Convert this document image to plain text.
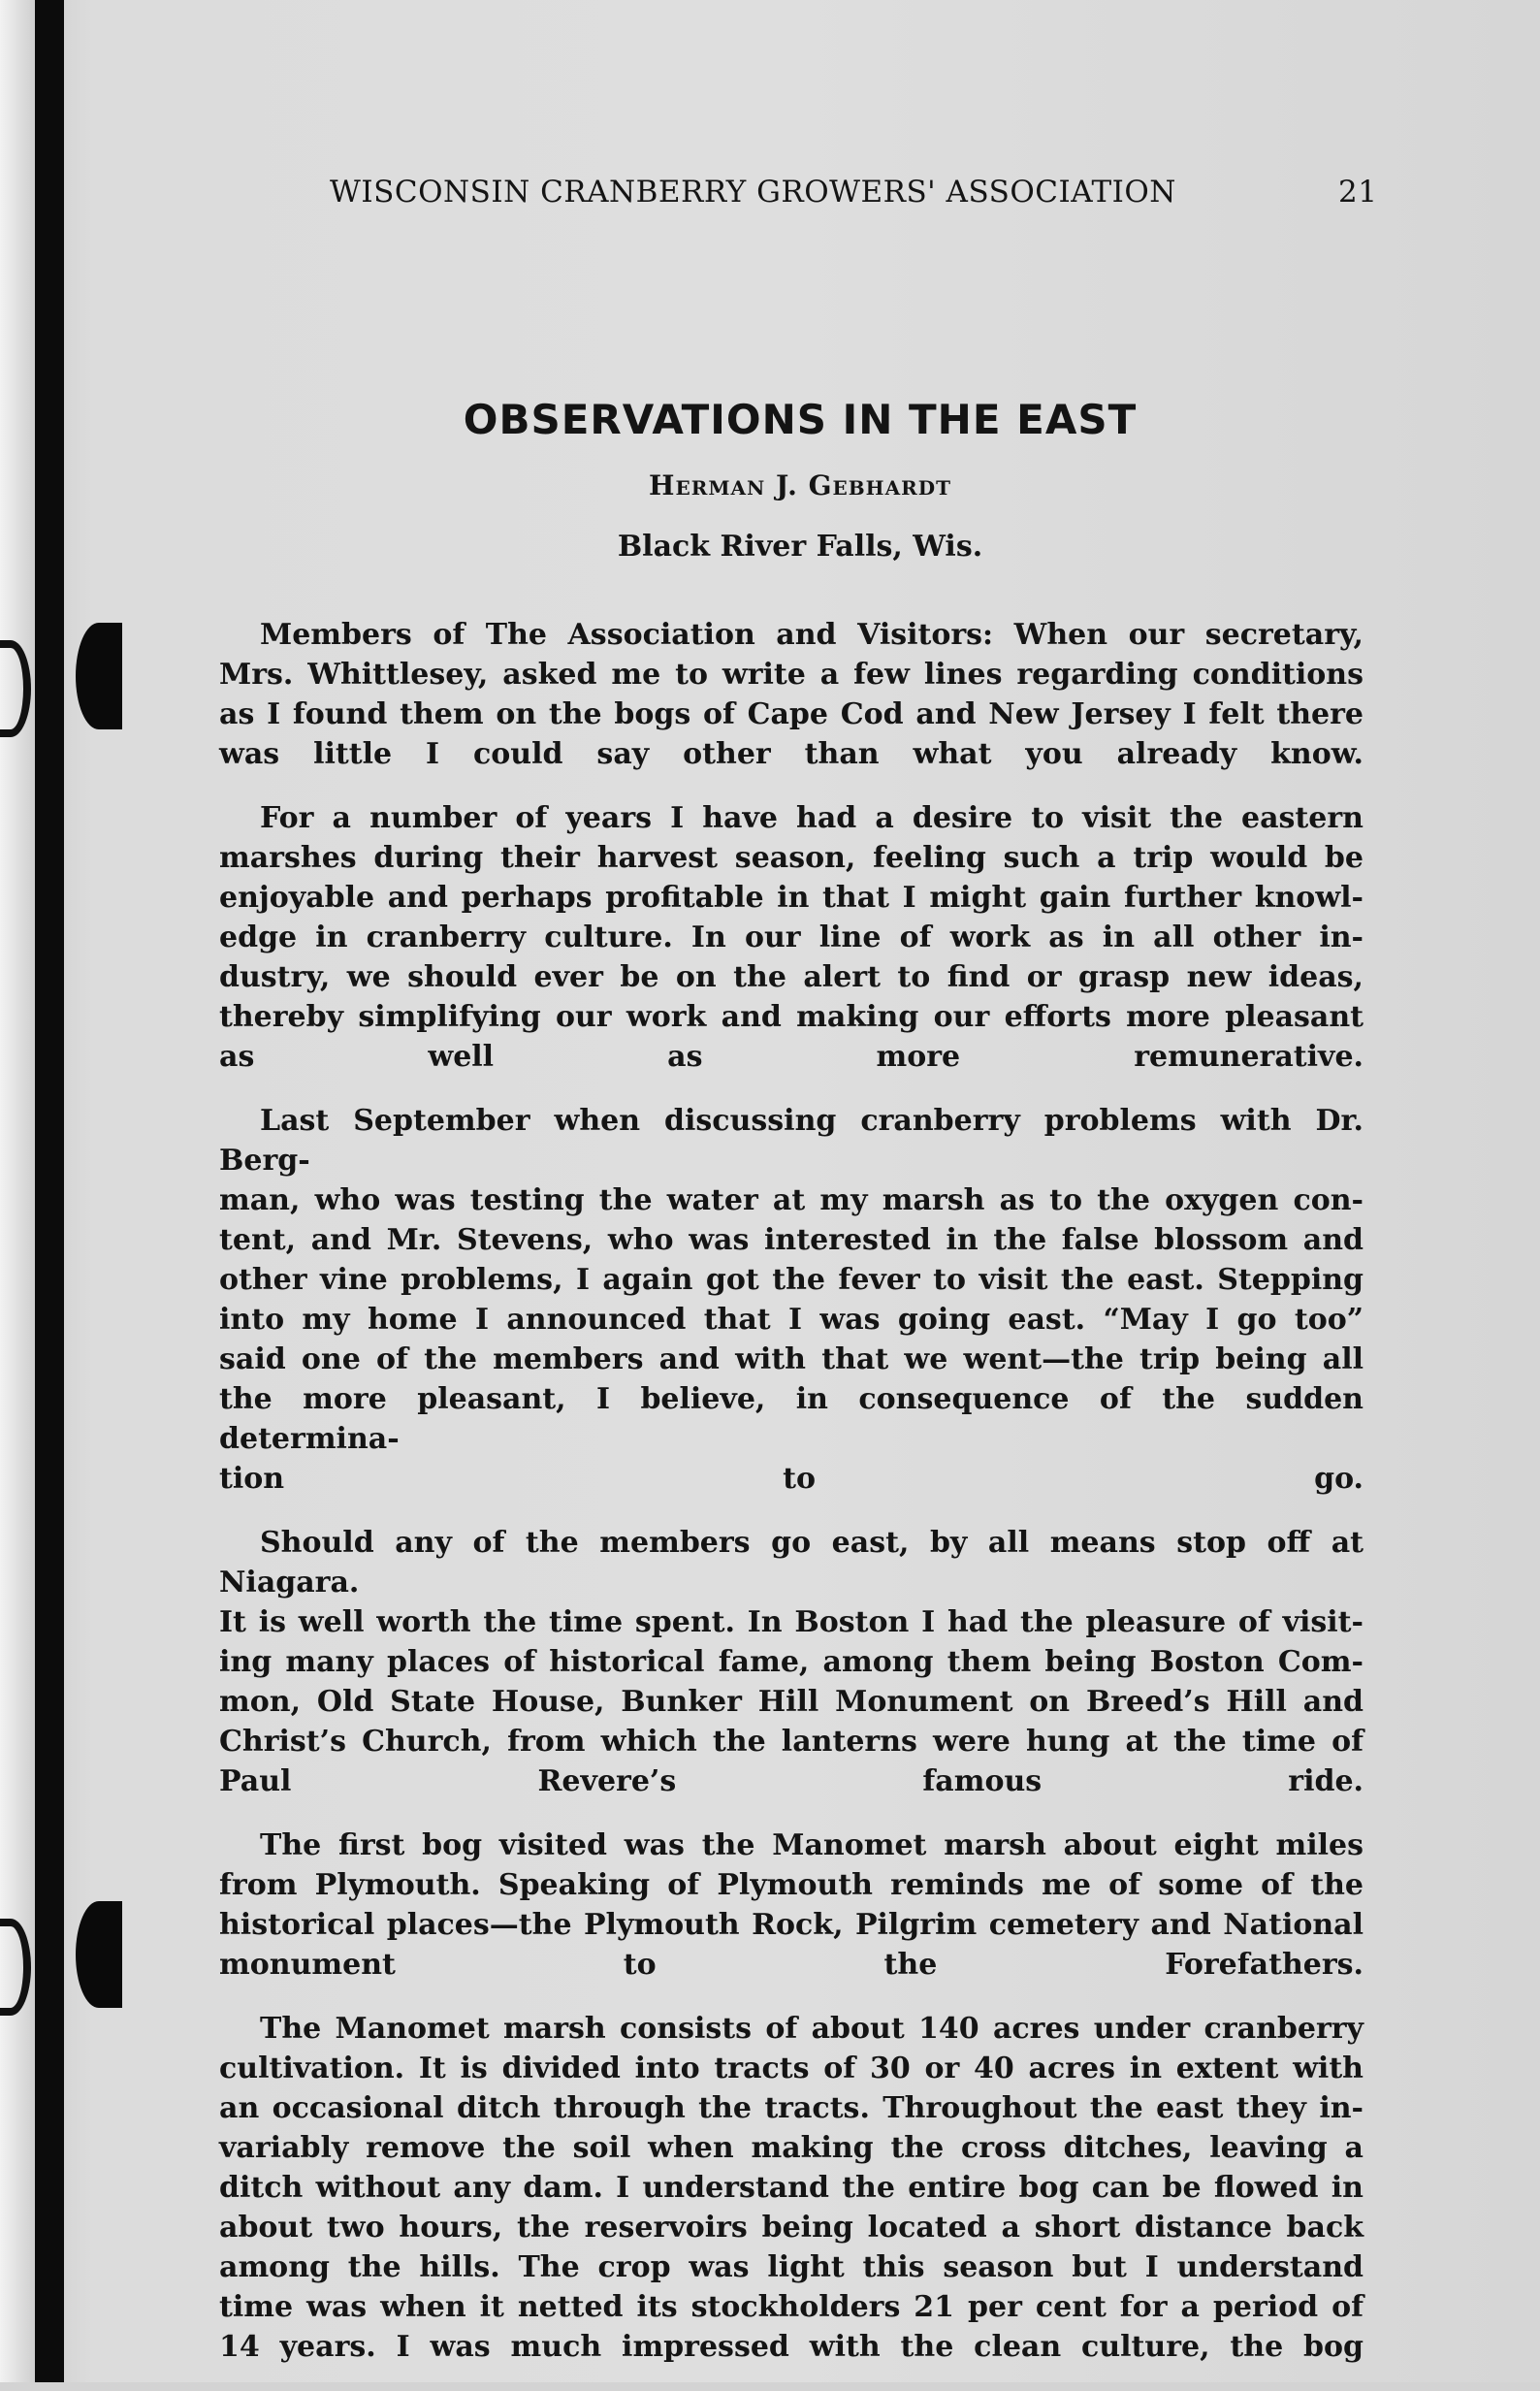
WISCONSIN CRANBERRY GROWERS' ASSOCIATION	21
OBSERVATIONS IN THE EAST
Herman J. Gebhardt
Black River Falls, Wis.

Members of The Association and Visitors: When our secretary,
Mrs. Whittlesey, asked me to write a few lines regarding conditions
as I found them on the bogs of Cape Cod and New Jersey I felt there
was little I could say other than what you already know.

For a number of years I have had a desire to visit the eastern
marshes during their harvest season, feeling such a trip would be
enjoyable and perhaps profitable in that I might gain further knowl-
edge in cranberry culture. In our line of work as in all other in-
dustry, we should ever be on the alert to find or grasp new ideas,
thereby simplifying our work and making our efforts more pleasant
as well as more remunerative.

Last September when discussing cranberry problems with Dr. Berg-
man, who was testing the water at my marsh as to the oxygen con-
tent, and Mr. Stevens, who was interested in the false blossom and
other vine problems, I again got the fever to visit the east. Stepping
into my home I announced that I was going east. “May I go too”
said one of the members and with that we went—the trip being all
the more pleasant, I believe, in consequence of the sudden determina-
tion to go.

Should any of the members go east, by all means stop off at Niagara.
It is well worth the time spent. In Boston I had the pleasure of visit-
ing many places of historical fame, among them being Boston Com-
mon, Old State House, Bunker Hill Monument on Breed’s Hill and
Christ’s Church, from which the lanterns were hung at the time of
Paul Revere’s famous ride.

The first bog visited was the Manomet marsh about eight miles
from Plymouth. Speaking of Plymouth reminds me of some of the
historical places—the Plymouth Rock, Pilgrim cemetery and National
monument to the Forefathers.

The Manomet marsh consists of about 140 acres under cranberry
cultivation. It is divided into tracts of 30 or 40 acres in extent with
an occasional ditch through the tracts. Throughout the east they in-
variably remove the soil when making the cross ditches, leaving a
ditch without any dam. I understand the entire bog can be flowed in
about two hours, the reservoirs being located a short distance back
among the hills. The crop was light this season but I understand
time was when it netted its stockholders 21 per cent for a period of
14 years. I was much impressed with the clean culture, the bog
